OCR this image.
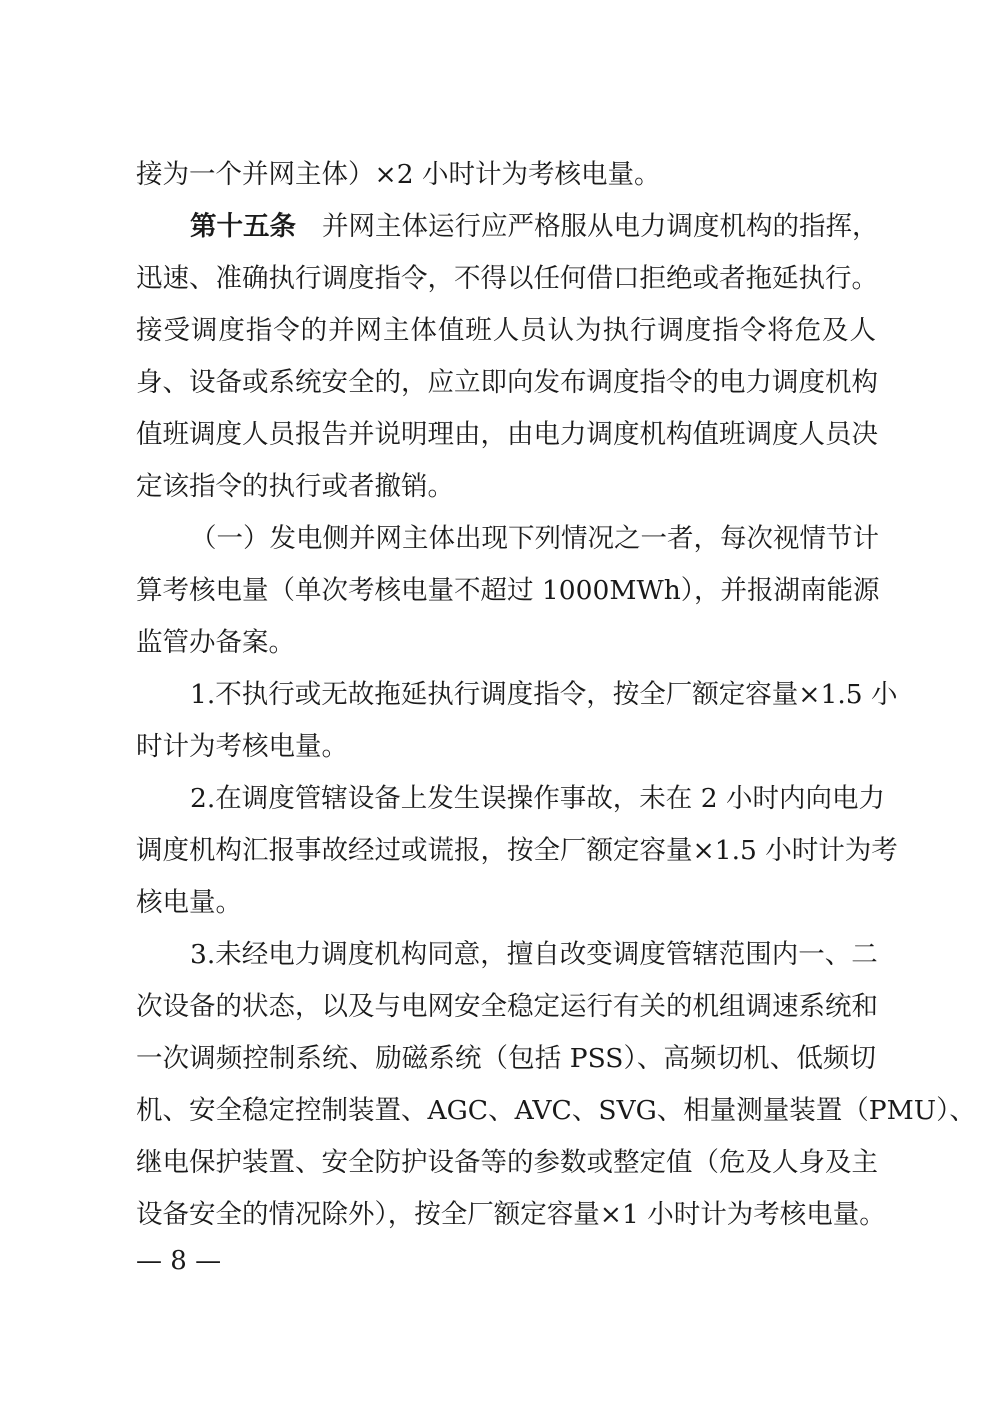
接为一个并网主体）×2 小时计为考核电量。
第十五条 并网主体运行应严格服从电力调度机构的指挥，
迅速、准确执行调度指令，不得以任何借口拒绝或者拖延执行。
接受调度指令的并网主体值班人员认为执行调度指令将危及人
身、设备或系统安全的，应立即向发布调度指令的电力调度机构
值班调度人员报告并说明理由，由电力调度机构值班调度人员决
定该指令的执行或者撤销。
（一）发电侧并网主体出现下列情况之一者，每次视情节计
算考核电量（单次考核电量不超过 1000MWh），并报湖南能源
监管办备案。
1.不执行或无故拖延执行调度指令，按全厂额定容量×1.5 小
时计为考核电量。
2.在调度管辖设备上发生误操作事故，未在 2 小时内向电力
调度机构汇报事故经过或谎报，按全厂额定容量×1.5 小时计为考
核电量。
3.未经电力调度机构同意，擅自改变调度管辖范围内一、二
次设备的状态，以及与电网安全稳定运行有关的机组调速系统和
一次调频控制系统、励磁系统（包括 PSS）、高频切机、低频切
机、安全稳定控制装置、AGC、AVC、SVG、相量测量装置（PMU）、
继电保护装置、安全防护设备等的参数或整定值（危及人身及主
设备安全的情况除外），按全厂额定容量×1 小时计为考核电量。
— 8 —
